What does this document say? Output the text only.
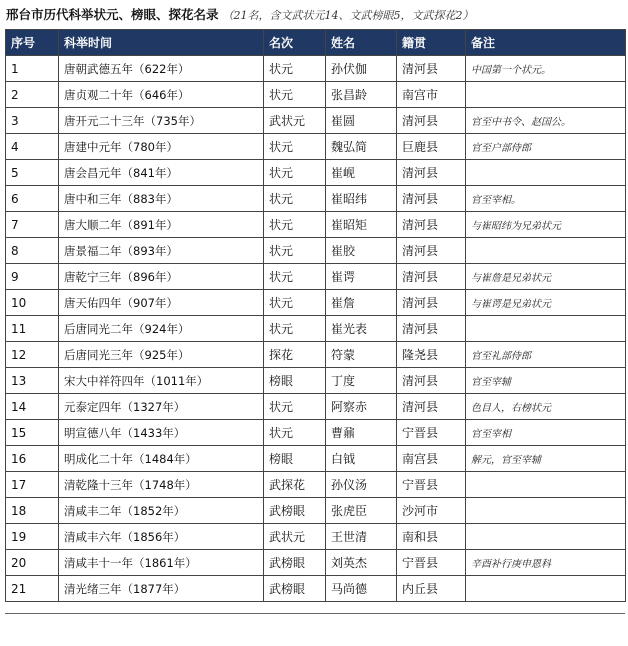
邢台市历代科举状元、榜眼、探花名录 （21名，含文武状元14、文武榜眼5，文武探花2）
序号	科举时间	名次	姓名	籍贯	备注
1	唐朝武德五年（622年）	状元	孙伏伽	清河县	中国第一个状元。
2	唐贞观二十年（646年）	状元	张昌龄	南宫市	
3	唐开元二十三年（735年）	武状元	崔圆	清河县	官至中书令、赵国公。
4	唐建中元年（780年）	状元	魏弘简	巨鹿县	官至户部侍郎
5	唐会昌元年（841年）	状元	崔岘	清河县	
6	唐中和三年（883年）	状元	崔昭纬	清河县	官至宰相。
7	唐大顺二年（891年）	状元	崔昭矩	清河县	与崔昭纬为兄弟状元
8	唐景福二年（893年）	状元	崔胶	清河县	
9	唐乾宁三年（896年）	状元	崔谔	清河县	与崔詹是兄弟状元
10	唐天佑四年（907年）	状元	崔詹	清河县	与崔谔是兄弟状元
11	后唐同光二年（924年）	状元	崔光表	清河县	
12	后唐同光三年（925年）	探花	符蒙	隆尧县	官至礼部侍郎
13	宋大中祥符四年（1011年）	榜眼	丁度	清河县	官至宰辅
14	元泰定四年（1327年）	状元	阿察赤	清河县	色目人，右榜状元
15	明宣德八年（1433年）	状元	曹鼐	宁晋县	官至宰相
16	明成化二十年（1484年）	榜眼	白钺	南宫县	解元，官至宰辅
17	清乾隆十三年（1748年）	武探花	孙仪汤	宁晋县	
18	清咸丰二年（1852年）	武榜眼	张虎臣	沙河市	
19	清咸丰六年（1856年）	武状元	王世清	南和县	
20	清咸丰十一年（1861年）	武榜眼	刘英杰	宁晋县	辛酉补行庚申恩科
21	清光绪三年（1877年）	武榜眼	马尚德	内丘县	
